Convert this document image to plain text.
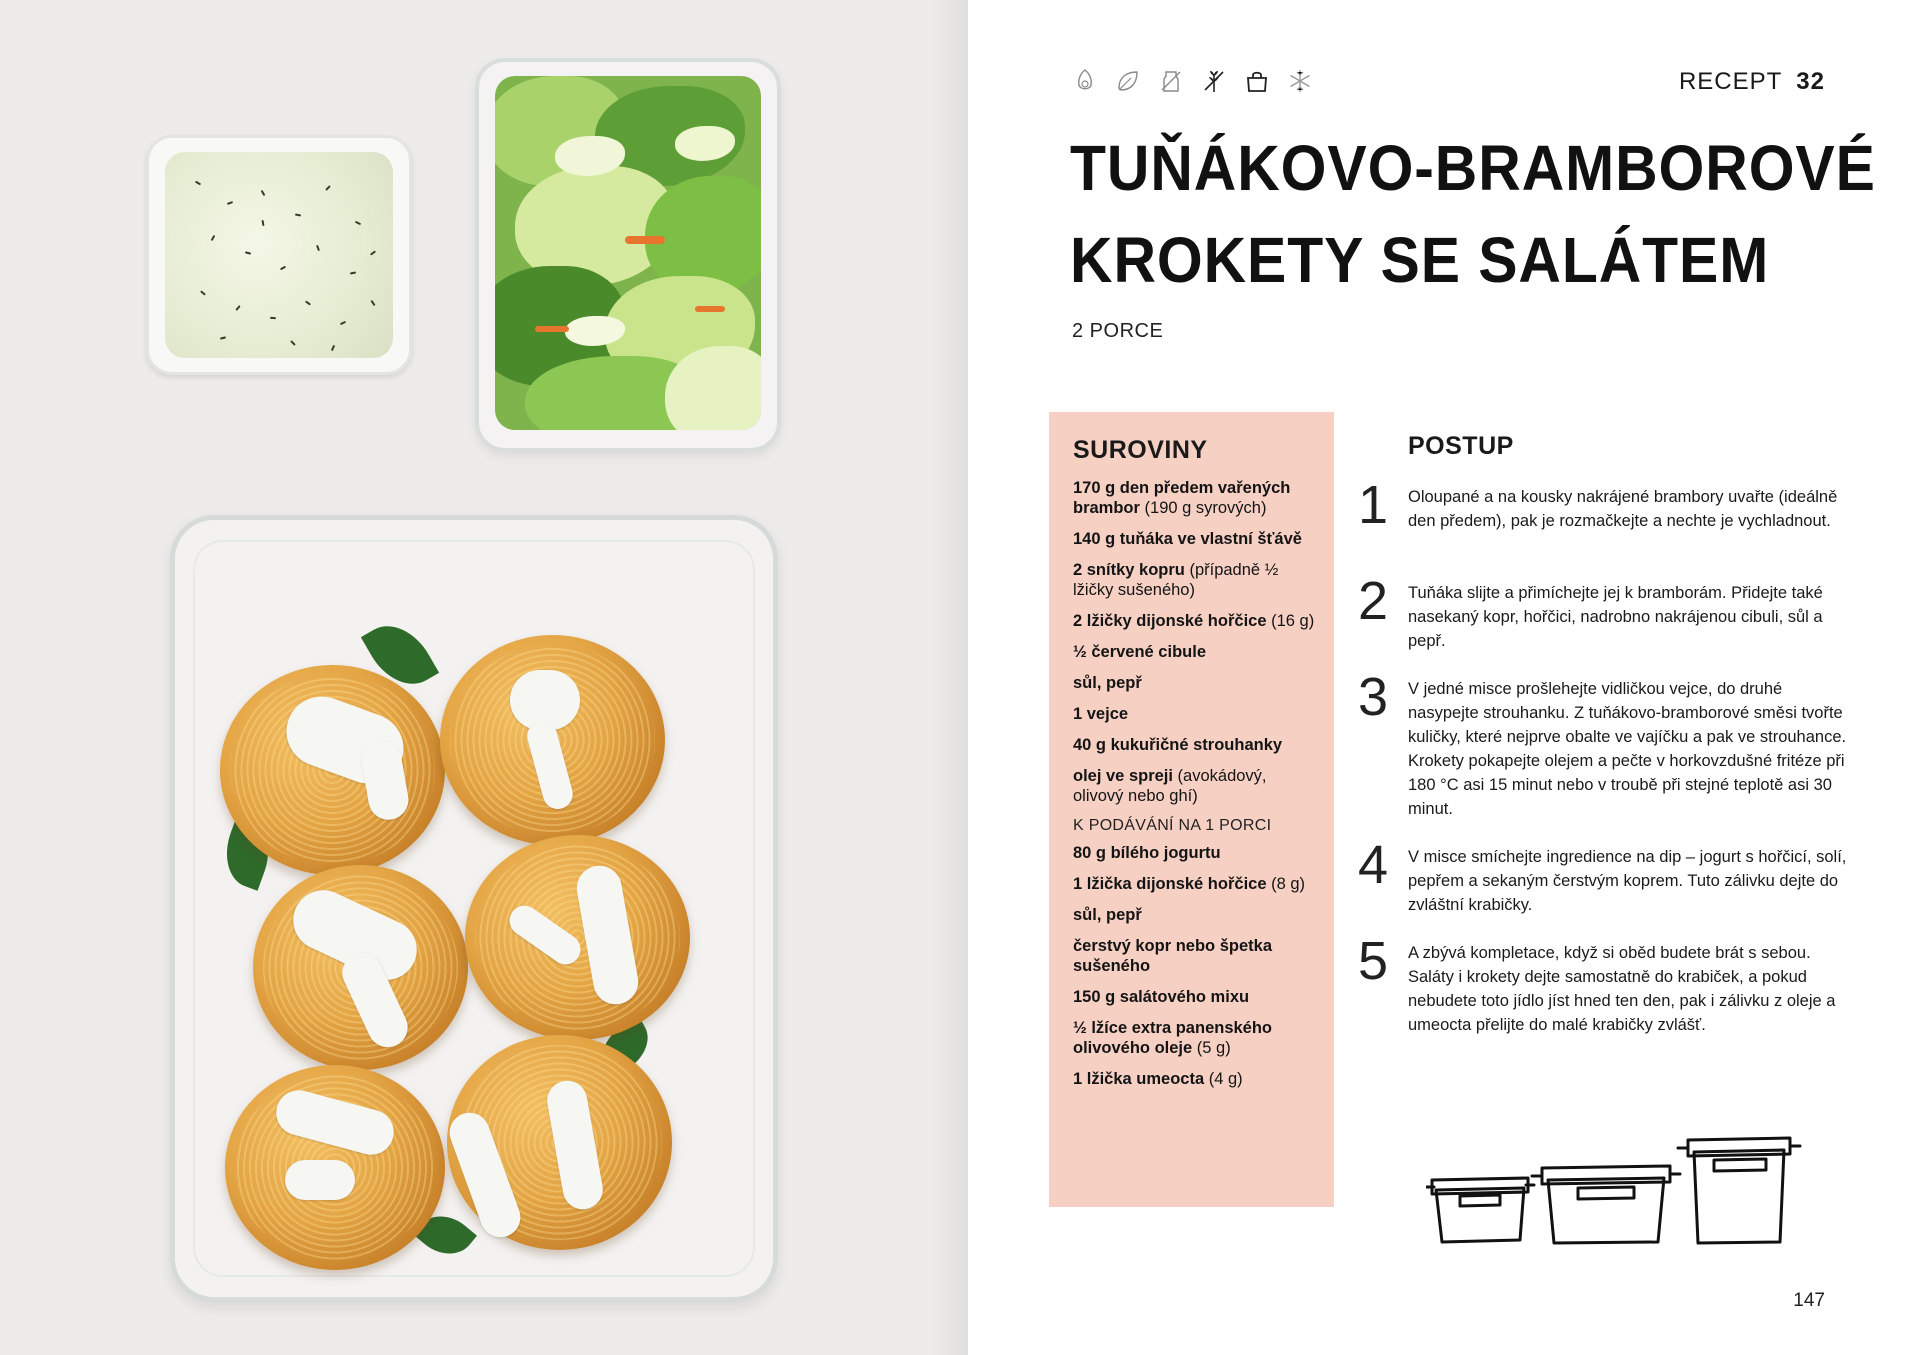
RECEPT 32
TUŇÁKOVO-BRAMBOROVÉ
KROKETY SE SALÁTEM
2 PORCE
SUROVINY
170 g den předem vařených brambor (190 g syrových)
140 g tuňáka ve vlastní šťávě
2 snítky kopru (případně ½ lžičky sušeného)
2 lžičky dijonské hořčice (16 g)
½ červené cibule
sůl, pepř
1 vejce
40 g kukuřičné strouhanky
olej ve spreji (avokádový, olivový nebo ghí)
K PODÁVÁNÍ NA 1 PORCI
80 g bílého jogurtu
1 lžička dijonské hořčice (8 g)
sůl, pepř
čerstvý kopr nebo špetka sušeného
150 g salátového mixu
½ lžíce extra panenského olivového oleje (5 g)
1 lžička umeocta (4 g)
POSTUP
1 Oloupané a na kousky nakrájené brambory uvařte (ideálně den předem), pak je rozmačkejte a nechte je vychladnout.

2 Tuňáka slijte a přimíchejte jej k bramborám. Přidejte také nasekaný kopr, hořčici, nadrobno nakrájenou cibuli, sůl a pepř.

3 V jedné misce prošlehejte vidličkou vejce, do druhé nasypejte strouhanku. Z tuňákovo-bramborové směsi tvořte kuličky, které nejprve obalte ve vajíčku a pak ve strouhance. Krokety pokapejte olejem a pečte v horkovzdušné fritéze při 180 °C asi 15 minut nebo v troubě při stejné teplotě asi 30 minut.

4 V misce smíchejte ingredience na dip – jogurt s hořčicí, solí, pepřem a sekaným čerstvým koprem. Tuto zálivku dejte do zvláštní krabičky.

5 A zbývá kompletace, když si oběd budete brát s sebou. Saláty i krokety dejte samostatně do krabiček, a pokud nebudete toto jídlo jíst hned ten den, pak i zálivku z oleje a umeocta přelijte do malé krabičky zvlášť.

147
